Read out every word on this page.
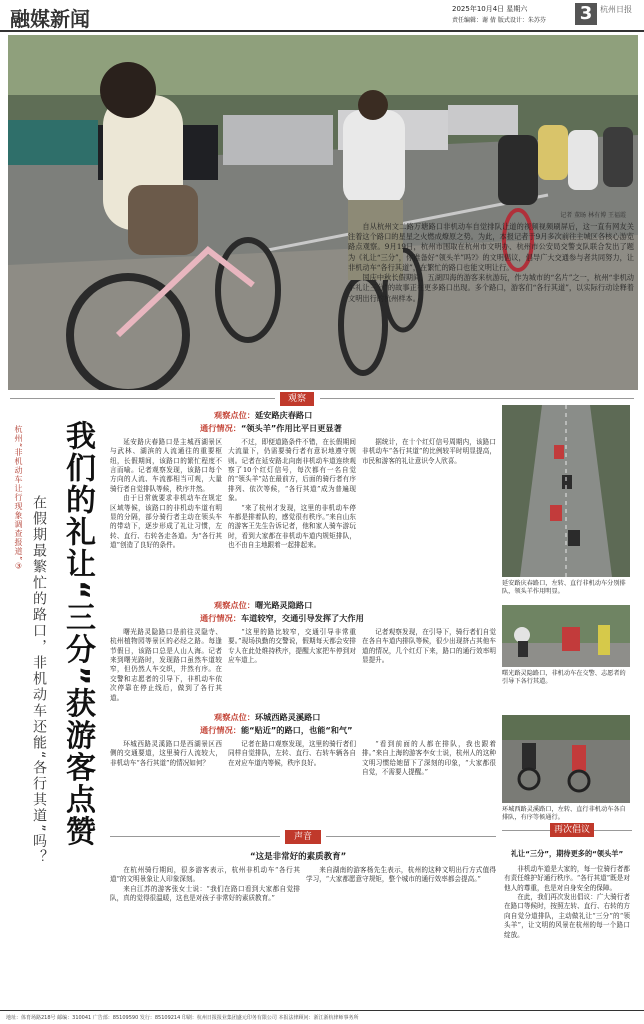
融媒新闻	2025年10月4日 星期六
责任编辑：谢 倩 版式设计：朱苏芬 3 杭州日报
记者 董旸 林有博 王福霞

自从杭州文二路万塘路口非机动车自觉排队让道的视频视频刷屏后，这一直有网友关注着这个路口的星星之火燃成燎原之势。为此，本报记者于9月多次前往主城区各核心游览路点观察。9月19日，杭州市围取在杭州市文明办、杭州市公安局交警支队联合发出了题为《礼让“三分”，你准备好“领头羊”吗?》的文明倡议，倡导广大交通参与者共同努力，让非机动车“各行其道”，在繁忙的路口也能文明让行。

国庆中秋长假期间，五湖四海的游客来杭游玩，作为城市的“名片”之一，杭州“非机动车礼让三分”的故事正在更多路口出现。多个路口，游客们“各行其道”，以实际行动诠释着文明出行的杭州样本。

观察
杭州“非机动车让行现象调查报道”③ 在假期最繁忙的路口，非机动车还能“各行其道”吗？ 我们的礼让“三分”获游客点赞
观察点位：延安路庆春路口
通行情况：“领头羊”作用比平日更显著

延安路庆春路口是主城西湖景区与武林、湖滨的人流通往的重要枢纽，长假期间，该路口的繁忙程度不言而喻。记者观察发现，该路口每个方向的人流、车流都相当可观，大量骑行者自觉排队等候，秩序井然。

由于日常就要求非机动车在规定区域等候，该路口的非机动车道有明显的分隔，部分骑行者主动在领头车的带动下，逐步形成了礼让习惯，左转、直行、右转各走各道。为“各行其道”创造了良好的条件。

不过，即便道路条件不错，在长假期间大流量下，仍需要骑行者有意识地遵守规则。记者在延安路北向南非机动车道连续观察了10个红灯信号，每次都有一名自觉的“领头羊”站在最前方，后面的骑行者有序排列、依次等候，“各行其道”成为普遍现象。

“来了杭州才发现，这里的非机动车停车都是排着队的，感觉很有秩序。”来自山东的游客王先生告诉记者，他和家人骑车游玩时，看到大家都在非机动车道内规矩排队，也不由自主地跟着一起排起来。

据统计，在十个红灯信号周期内，该路口非机动车“各行其道”的比例较平时明显提高，市民和游客的礼让意识令人欣喜。

观察点位：曙光路灵隐路口
通行情况：车道较窄，交通引导发挥了大作用

曙光路灵隐路口是前往灵隐寺、杭州植物园等景区的必经之路。每逢节假日，该路口总是人山人海。记者来到曙光路时，发现路口虽然车道较窄，但仍然人车交织，井然有序。在交警和志愿者的引导下，非机动车依次停靠在停止线后，做到了各行其道。

“这里的路比较窄，交通引导非常重要。”现场执勤的交警说，假期每天都会安排专人在此处维持秩序，提醒大家把车停到对应车道上。

记者观察发现，在引导下，骑行者们自觉在各自车道内排队等候，很少出现挤占其他车道的情况，几个红灯下来，路口的通行效率明显提升。

观察点位：环城西路灵溪路口
通行情况：能“贴近”的路口，也能“和气”

环城西路灵溪路口是西湖景区西侧的交通要道，这里骑行人流较大，非机动车“各行其道”的情况如何？

记者在路口观察发现，这里的骑行者们同样自觉排队，左转、直行、右转车辆各自在对应车道内等候，秩序良好。

“看到前面的人都在排队，我也跟着排。”来自上海的游客李女士说，杭州人的这种文明习惯给她留下了深刻的印象，“大家都很自觉，不需要人提醒。”

延安路庆春路口，左转、直行非机动车分别排队，领头羊作用明显。
曙光路灵隐路口，非机动车在交警、志愿者的引导下各行其道。
环城西路灵溪路口，左转、直行非机动车各自排队，有序等候通行。
声音
“这是非常好的素质教育”

在杭州骑行期间，很多游客表示，杭州非机动车“各行其道”的文明景象让人印象深刻。

来自江苏的游客张女士说：“我们在路口看到大家都自觉排队，真的觉得很温暖，这也是对孩子非常好的素质教育。”

来自湖南的游客杨先生表示，杭州的这种文明出行方式值得学习，“大家都愿意守规矩，整个城市的通行效率都会提高。”

再次倡议
礼让“三分”，期待更多的“领头羊”

非机动车道是大家的，每一位骑行者都有责任维护好通行秩序。“各行其道”既是对他人的尊重，也是对自身安全的保障。

在此，我们再次发出倡议：广大骑行者在路口等候时，按照左转、直行、右转的方向自觉分道排队，主动做礼让“三分”的“领头羊”，让文明的风景在杭州的每一个路口绽放。

地址：体育场路218号 邮编：310041 广告部：85109590 发行：85109214 印刷：杭州日报报业集团盛元印务有限公司 本报法律顾问：浙江浙杭律师事务所
